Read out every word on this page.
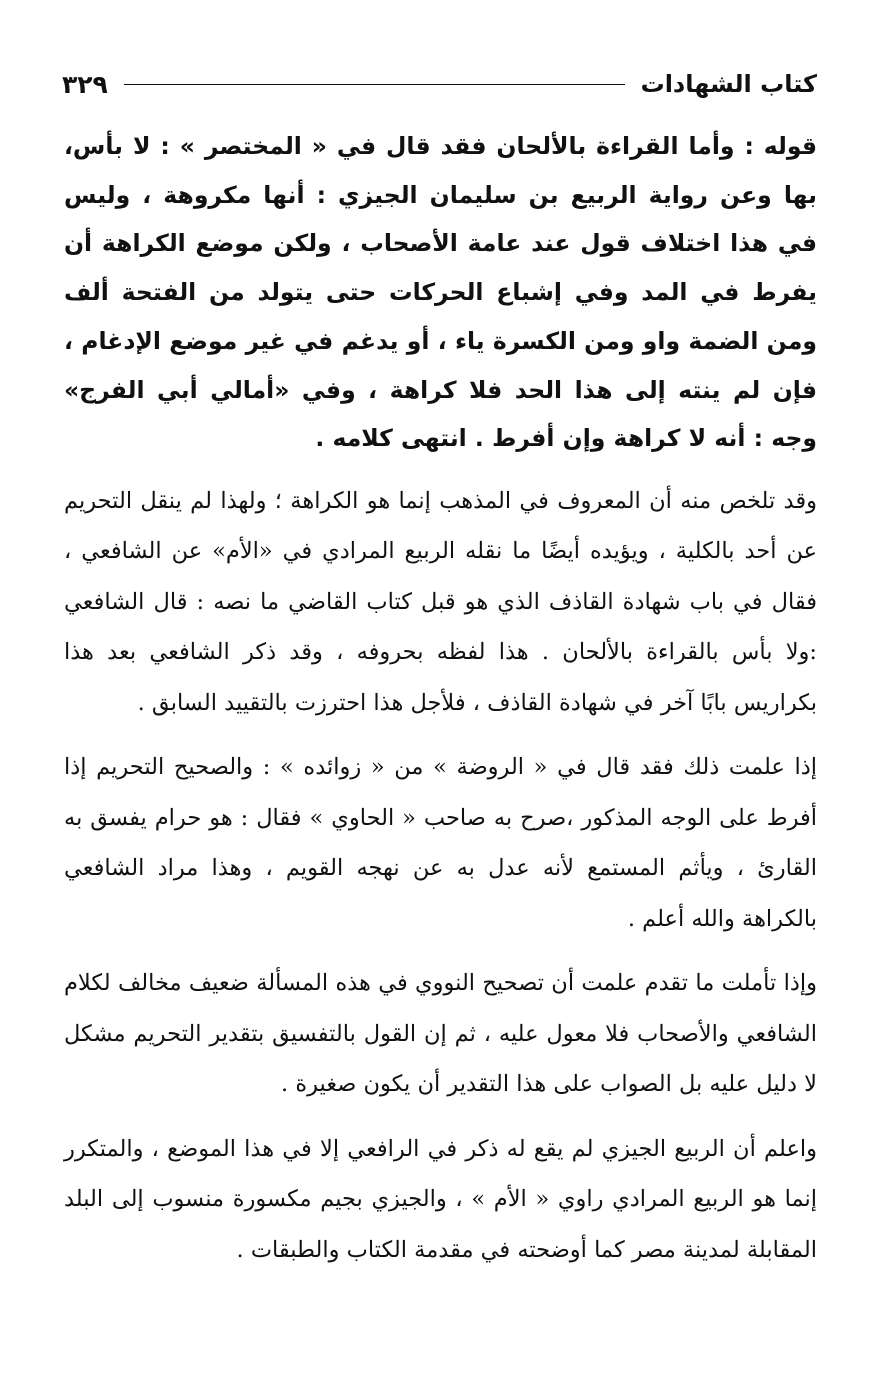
كتاب الشهادات
٣٢٩

قوله : وأما القراءة بالألحان فقد قال في « المختصر » : لا بأس، بها وعن رواية الربيع بن سليمان الجيزي : أنها مكروهة ، وليس في هذا اختلاف قول عند عامة الأصحاب ، ولكن موضع الكراهة أن يفرط في المد وفي إشباع الحركات حتى يتولد من الفتحة ألف ومن الضمة واو ومن الكسرة ياء ، أو يدغم في غير موضع الإدغام ، فإن لم ينته إلى هذا الحد فلا كراهة ، وفي «أمالي أبي الفرج» وجه : أنه لا كراهة وإن أفرط . انتهى كلامه .

وقد تلخص منه أن المعروف في المذهب إنما هو الكراهة ؛ ولهذا لم ينقل التحريم عن أحد بالكلية ، ويؤيده أيضًا ما نقله الربيع المرادي في «الأم» عن الشافعي ، فقال في باب شهادة القاذف الذي هو قبل كتاب القاضي ما نصه : قال الشافعي :ولا بأس بالقراءة بالألحان . هذا لفظه بحروفه ، وقد ذكر الشافعي بعد هذا بكراريس بابًا آخر في شهادة القاذف ، فلأجل هذا احترزت بالتقييد السابق .

إذا علمت ذلك فقد قال في « الروضة » من « زوائده » : والصحيح التحريم إذا أفرط على الوجه المذكور ،صرح به صاحب « الحاوي » فقال : هو حرام يفسق به القارئ ، ويأثم المستمع لأنه عدل به عن نهجه القويم ، وهذا مراد الشافعي بالكراهة والله أعلم .

وإذا تأملت ما تقدم علمت أن تصحيح النووي في هذه المسألة ضعيف مخالف لكلام الشافعي والأصحاب فلا معول عليه ، ثم إن القول بالتفسيق بتقدير التحريم مشكل لا دليل عليه بل الصواب على هذا التقدير أن يكون صغيرة .

واعلم أن الربيع الجيزي لم يقع له ذكر في الرافعي إلا في هذا الموضع ، والمتكرر إنما هو الربيع المرادي راوي « الأم » ، والجيزي بجيم مكسورة منسوب إلى البلد المقابلة لمدينة مصر كما أوضحته في مقدمة الكتاب والطبقات .
